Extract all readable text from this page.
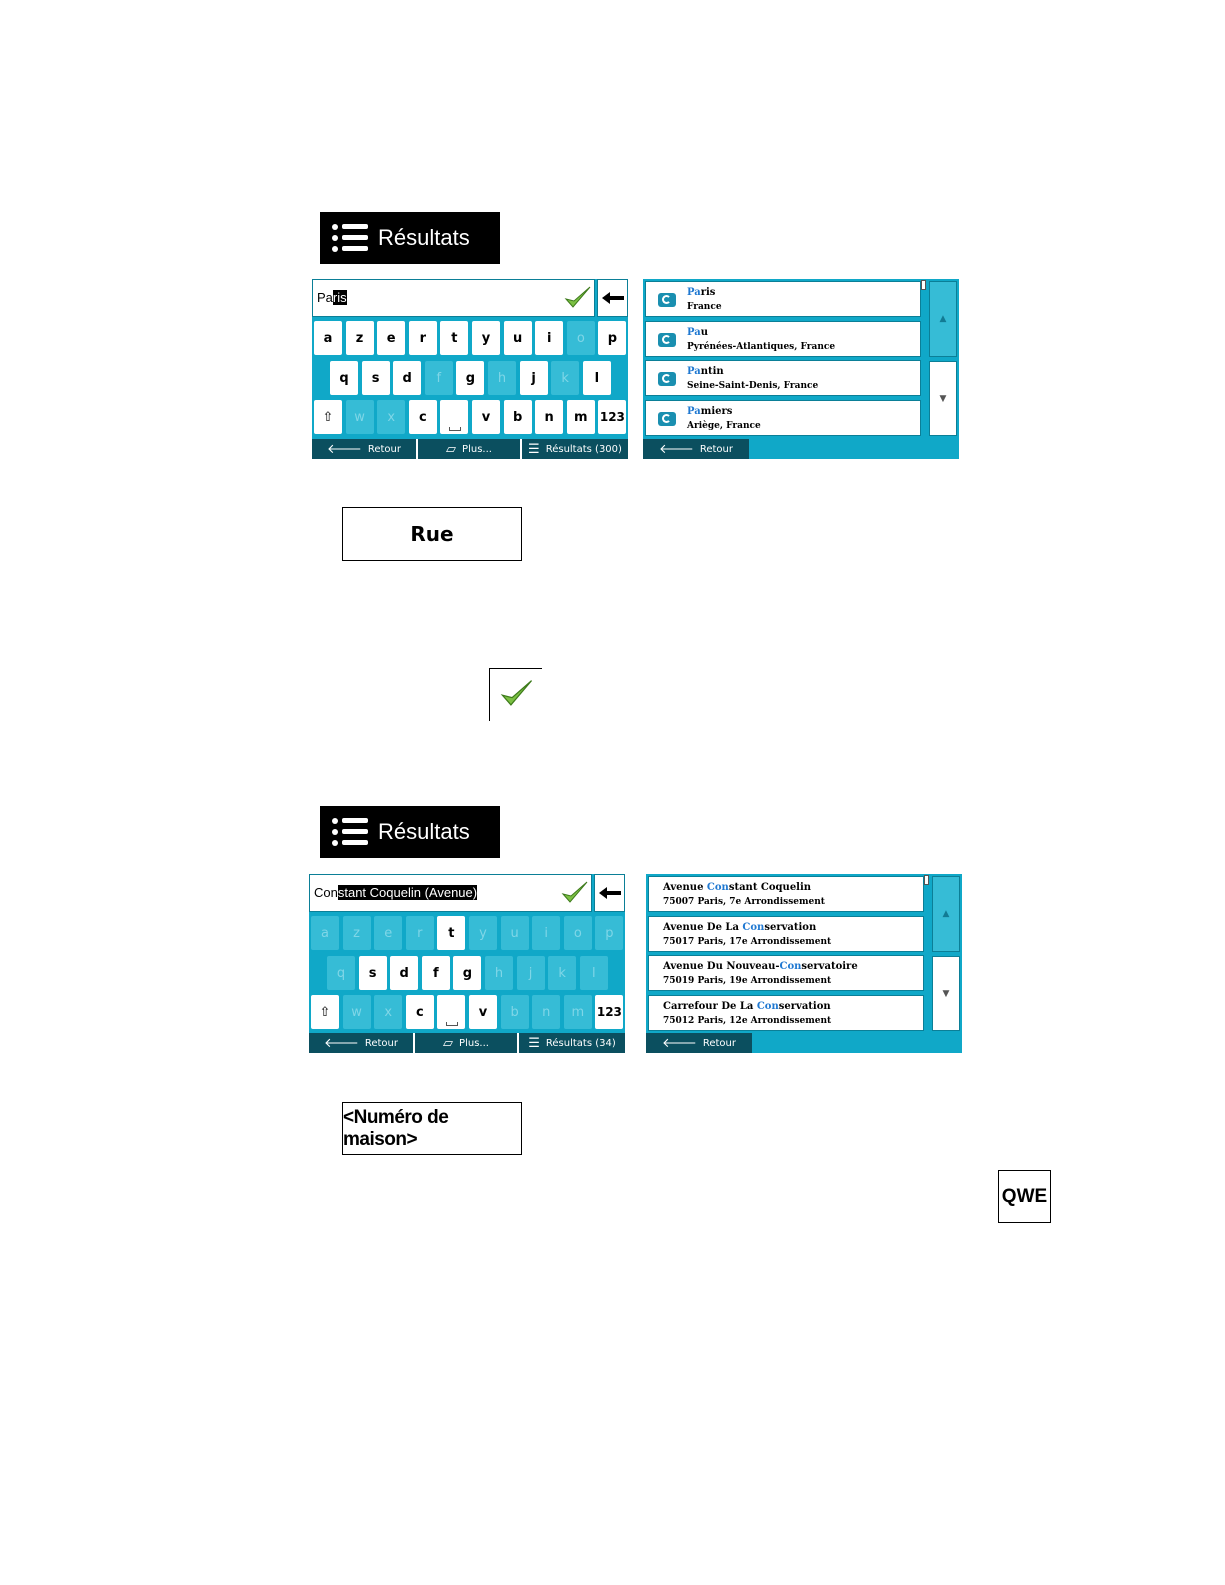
Résultats
Paris
a	z	e	r	t	y	u	i	o	p
q	s	d	f	g	h	j	k	l
⇧	w	x	c	v	b	n	m	123
🡐 Retour	▱ Plus...	☰ Résultats (300)
Paris
France
Pau
Pyrénées-Atlantiques, France
Pantin
Seine-Saint-Denis, France
Pamiers
Ariège, France
▲
▼
🡐 Retour
Rue
Résultats
Constant Coquelin (Avenue)
a	z	e	r	t	y	u	i	o	p
q	s	d	f	g	h	j	k	l
⇧	w	x	c	v	b	n	m	123
🡐 Retour	▱ Plus...	☰ Résultats (34)
Avenue Constant Coquelin
75007 Paris, 7e Arrondissement
Avenue De La Conservation
75017 Paris, 17e Arrondissement
Avenue Du Nouveau-Conservatoire
75019 Paris, 19e Arrondissement
Carrefour De La Conservation
75012 Paris, 12e Arrondissement
▲
▼
🡐 Retour
<Numéro de maison>
QWE
